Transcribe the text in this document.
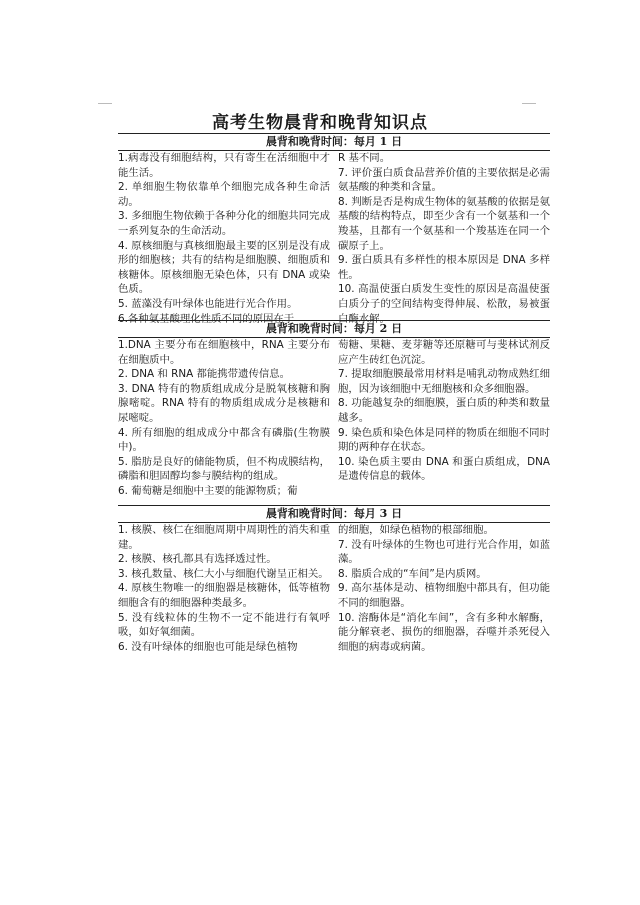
高考生物晨背和晚背知识点
晨背和晚背时间：每月 1 日

1.病毒没有细胞结构，只有寄生在活细胞中才能生活。

2. 单细胞生物依靠单个细胞完成各种生命活动。

3. 多细胞生物依赖于各种分化的细胞共同完成一系列复杂的生命活动。

4. 原核细胞与真核细胞最主要的区别是没有成形的细胞核；共有的结构是细胞膜、细胞质和核糖体。原核细胞无染色体，只有 DNA 或染色质。

5. 蓝藻没有叶绿体也能进行光合作用。

6.各种氨基酸理化性质不同的原因在于

R 基不同。

7. 评价蛋白质食品营养价值的主要依据是必需氨基酸的种类和含量。

8. 判断是否是构成生物体的氨基酸的依据是氨基酸的结构特点，即至少含有一个氨基和一个羧基，且都有一个氨基和一个羧基连在同一个碳原子上。

9. 蛋白质具有多样性的根本原因是 DNA 多样性。

10. 高温使蛋白质发生变性的原因是高温使蛋白质分子的空间结构变得伸展、松散，易被蛋白酶水解。

晨背和晚背时间：每月 2 日

1.DNA 主要分布在细胞核中，RNA 主要分布在细胞质中。

2. DNA 和 RNA 都能携带遗传信息。

3. DNA 特有的物质组成成分是脱氧核糖和胸腺嘧啶。RNA 特有的物质组成成分是核糖和尿嘧啶。

4. 所有细胞的组成成分中都含有磷脂(生物膜中)。

5. 脂肪是良好的储能物质，但不构成膜结构，磷脂和胆固醇均参与膜结构的组成。

6. 葡萄糖是细胞中主要的能源物质；葡

萄糖、果糖、麦芽糖等还原糖可与斐林试剂反应产生砖红色沉淀。

7. 提取细胞膜最常用材料是哺乳动物成熟红细胞，因为该细胞中无细胞核和众多细胞器。

8. 功能越复杂的细胞膜，蛋白质的种类和数量越多。

9. 染色质和染色体是同样的物质在细胞不同时期的两种存在状态。

10. 染色质主要由 DNA 和蛋白质组成，DNA 是遗传信息的载体。

晨背和晚背时间：每月 3 日

1. 核膜、核仁在细胞周期中周期性的消失和重建。

2. 核膜、核孔都具有选择透过性。

3. 核孔数量、核仁大小与细胞代谢呈正相关。

4. 原核生物唯一的细胞器是核糖体，低等植物细胞含有的细胞器种类最多。

5. 没有线粒体的生物不一定不能进行有氧呼吸，如好氧细菌。

6. 没有叶绿体的细胞也可能是绿色植物

的细胞，如绿色植物的根部细胞。

7. 没有叶绿体的生物也可进行光合作用，如蓝藻。

8. 脂质合成的“车间”是内质网。

9. 高尔基体是动、植物细胞中都具有，但功能不同的细胞器。

10. 溶酶体是“消化车间”，含有多种水解酶，能分解衰老、损伤的细胞器，吞噬并杀死侵入细胞的病毒或病菌。
